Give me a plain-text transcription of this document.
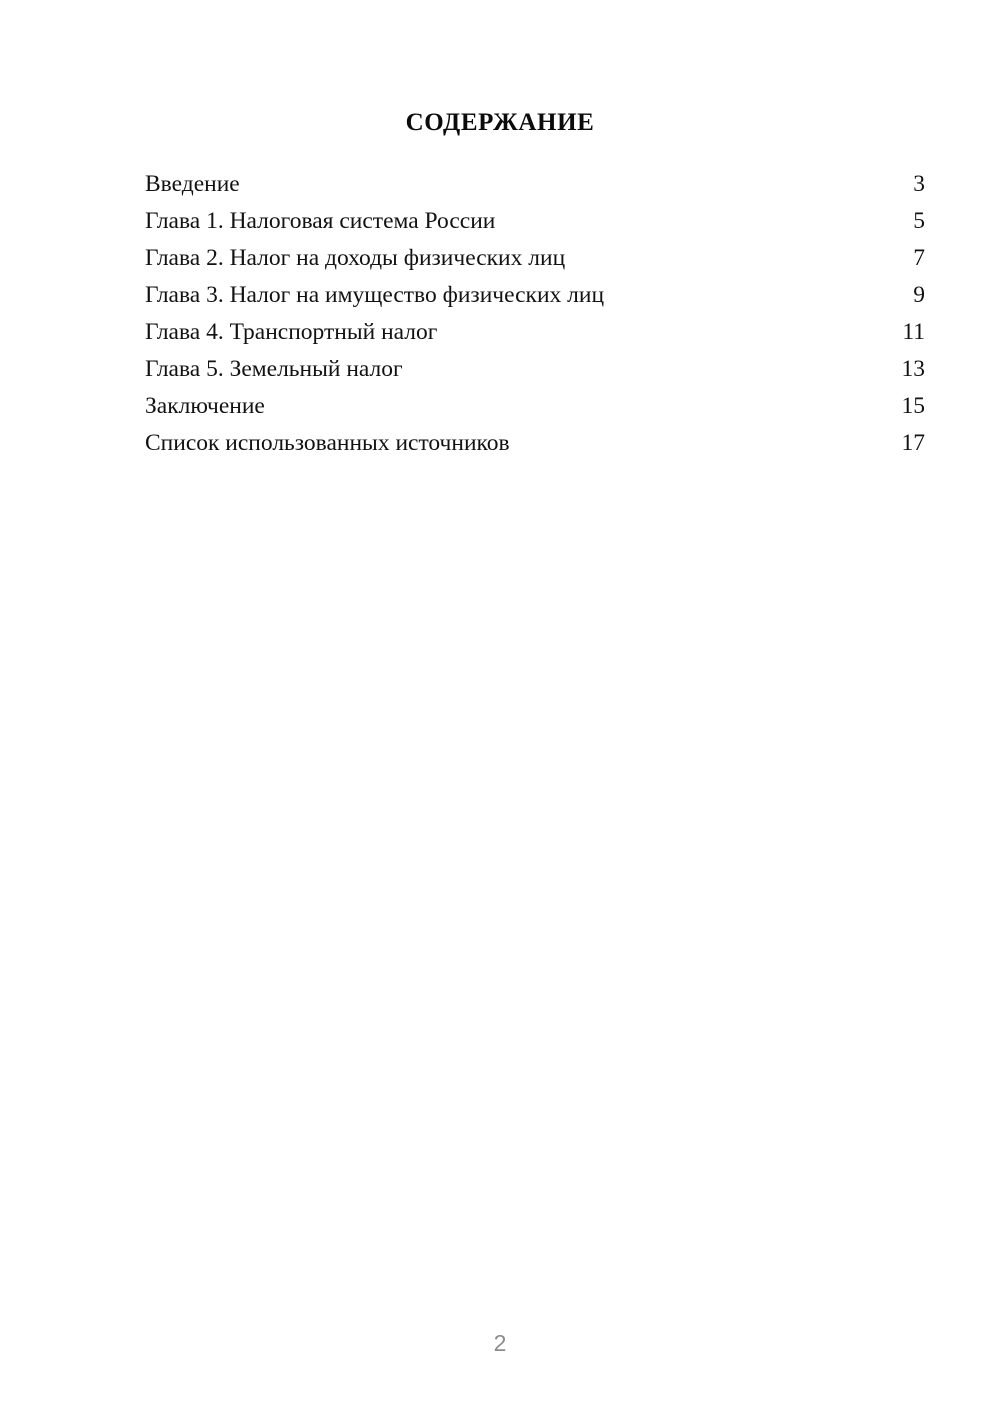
СОДЕРЖАНИЕ
Введение	3
Глава 1. Налоговая система России	5
Глава 2. Налог на доходы физических лиц	7
Глава 3. Налог на имущество физических лиц	9
Глава 4. Транспортный налог	11
Глава 5. Земельный налог	13
Заключение	15
Список использованных источников	17
2
